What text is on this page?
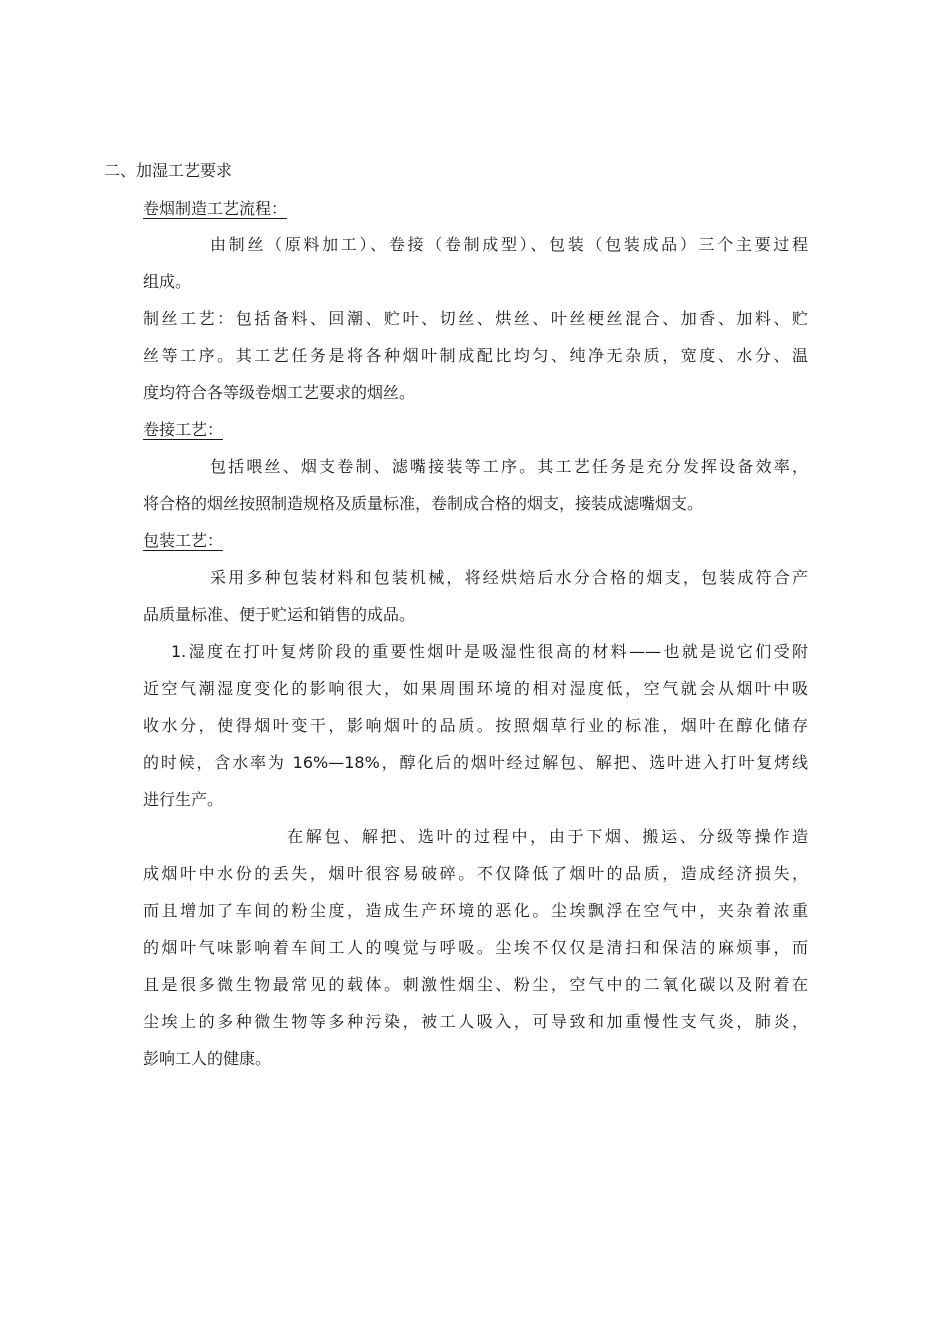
二、加湿工艺要求
卷烟制造工艺流程：
由制丝（原料加工）、卷接（卷制成型）、包装（包装成品）三个主要过程
组成。
制丝工艺：包括备料、回潮、贮叶、切丝、烘丝、叶丝梗丝混合、加香、加料、贮
丝等工序。其工艺任务是将各种烟叶制成配比均匀、纯净无杂质，宽度、水分、温
度均符合各等级卷烟工艺要求的烟丝。
卷接工艺：
包括喂丝、烟支卷制、滤嘴接装等工序。其工艺任务是充分发挥设备效率，
将合格的烟丝按照制造规格及质量标准，卷制成合格的烟支，接装成滤嘴烟支。
包装工艺：
采用多种包装材料和包装机械，将经烘焙后水分合格的烟支，包装成符合产
品质量标准、便于贮运和销售的成品。
1.湿度在打叶复烤阶段的重要性烟叶是吸湿性很高的材料——也就是说它们受附
近空气潮湿度变化的影响很大，如果周围环境的相对湿度低，空气就会从烟叶中吸
收水分，使得烟叶变干，影响烟叶的品质。按照烟草行业的标准，烟叶在醇化储存
的时候，含水率为 16%—18%，醇化后的烟叶经过解包、解把、选叶进入打叶复烤线
进行生产。
在解包、解把、选叶的过程中，由于下烟、搬运、分级等操作造
成烟叶中水份的丢失，烟叶很容易破碎。不仅降低了烟叶的品质，造成经济损失，
而且增加了车间的粉尘度，造成生产环境的恶化。尘埃飘浮在空气中，夹杂着浓重
的烟叶气味影响着车间工人的嗅觉与呼吸。尘埃不仅仅是清扫和保洁的麻烦事，而
且是很多微生物最常见的载体。刺激性烟尘、粉尘，空气中的二氧化碳以及附着在
尘埃上的多种微生物等多种污染，被工人吸入，可导致和加重慢性支气炎，肺炎，
彭响工人的健康。
